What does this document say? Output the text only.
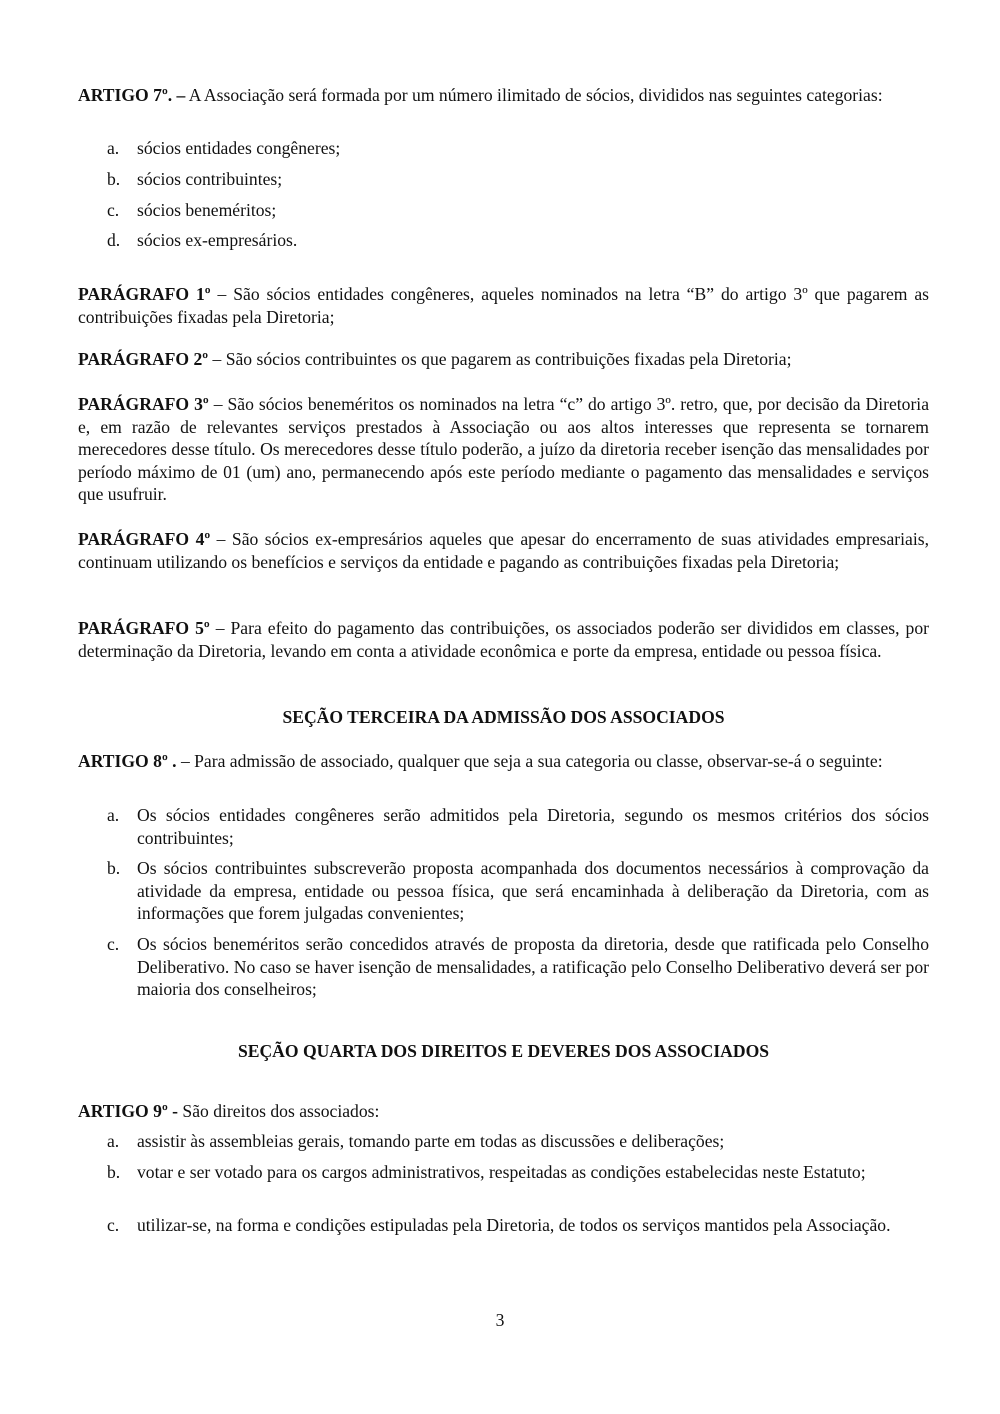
ARTIGO 7º. – A Associação será formada por um número ilimitado de sócios, divididos nas seguintes categorias:
a. sócios entidades congêneres;
b. sócios contribuintes;
c. sócios beneméritos;
d. sócios ex-empresários.
PARÁGRAFO 1º – São sócios entidades congêneres, aqueles nominados na letra “B” do artigo 3º que pagarem as contribuições fixadas pela Diretoria;
PARÁGRAFO 2º – São sócios contribuintes os que pagarem as contribuições fixadas pela Diretoria;
PARÁGRAFO 3º – São sócios beneméritos os nominados na letra “c” do artigo 3º. retro, que, por decisão da Diretoria e, em razão de relevantes serviços prestados à Associação ou aos altos interesses que representa se tornarem merecedores desse título. Os merecedores desse título poderão, a juízo da diretoria receber isenção das mensalidades por período máximo de 01 (um) ano, permanecendo após este período mediante o pagamento das mensalidades e serviços que usufruir.
PARÁGRAFO 4º – São sócios ex-empresários aqueles que apesar do encerramento de suas atividades empresariais, continuam utilizando os benefícios e serviços da entidade e pagando as contribuições fixadas pela Diretoria;
PARÁGRAFO 5º – Para efeito do pagamento das contribuições, os associados poderão ser divididos em classes, por determinação da Diretoria, levando em conta a atividade econômica e porte da empresa, entidade ou pessoa física.
SEÇÃO TERCEIRA DA ADMISSÃO DOS ASSOCIADOS
ARTIGO 8º . – Para admissão de associado, qualquer que seja a sua categoria ou classe, observar-se-á o seguinte:
a. Os sócios entidades congêneres serão admitidos pela Diretoria, segundo os mesmos critérios dos sócios contribuintes;
b. Os sócios contribuintes subscreverão proposta acompanhada dos documentos necessários à comprovação da atividade da empresa, entidade ou pessoa física, que será encaminhada à deliberação da Diretoria, com as informações que forem julgadas convenientes;
c. Os sócios beneméritos serão concedidos através de proposta da diretoria, desde que ratificada pelo Conselho Deliberativo. No caso se haver isenção de mensalidades, a ratificação pelo Conselho Deliberativo deverá ser por maioria dos conselheiros;
SEÇÃO QUARTA DOS DIREITOS E DEVERES DOS ASSOCIADOS
ARTIGO 9º - São direitos dos associados:
a. assistir às assembleias gerais, tomando parte em todas as discussões e deliberações;
b. votar e ser votado para os cargos administrativos, respeitadas as condições estabelecidas neste Estatuto;
c. utilizar-se, na forma e condições estipuladas pela Diretoria, de todos os serviços mantidos pela Associação.
3
